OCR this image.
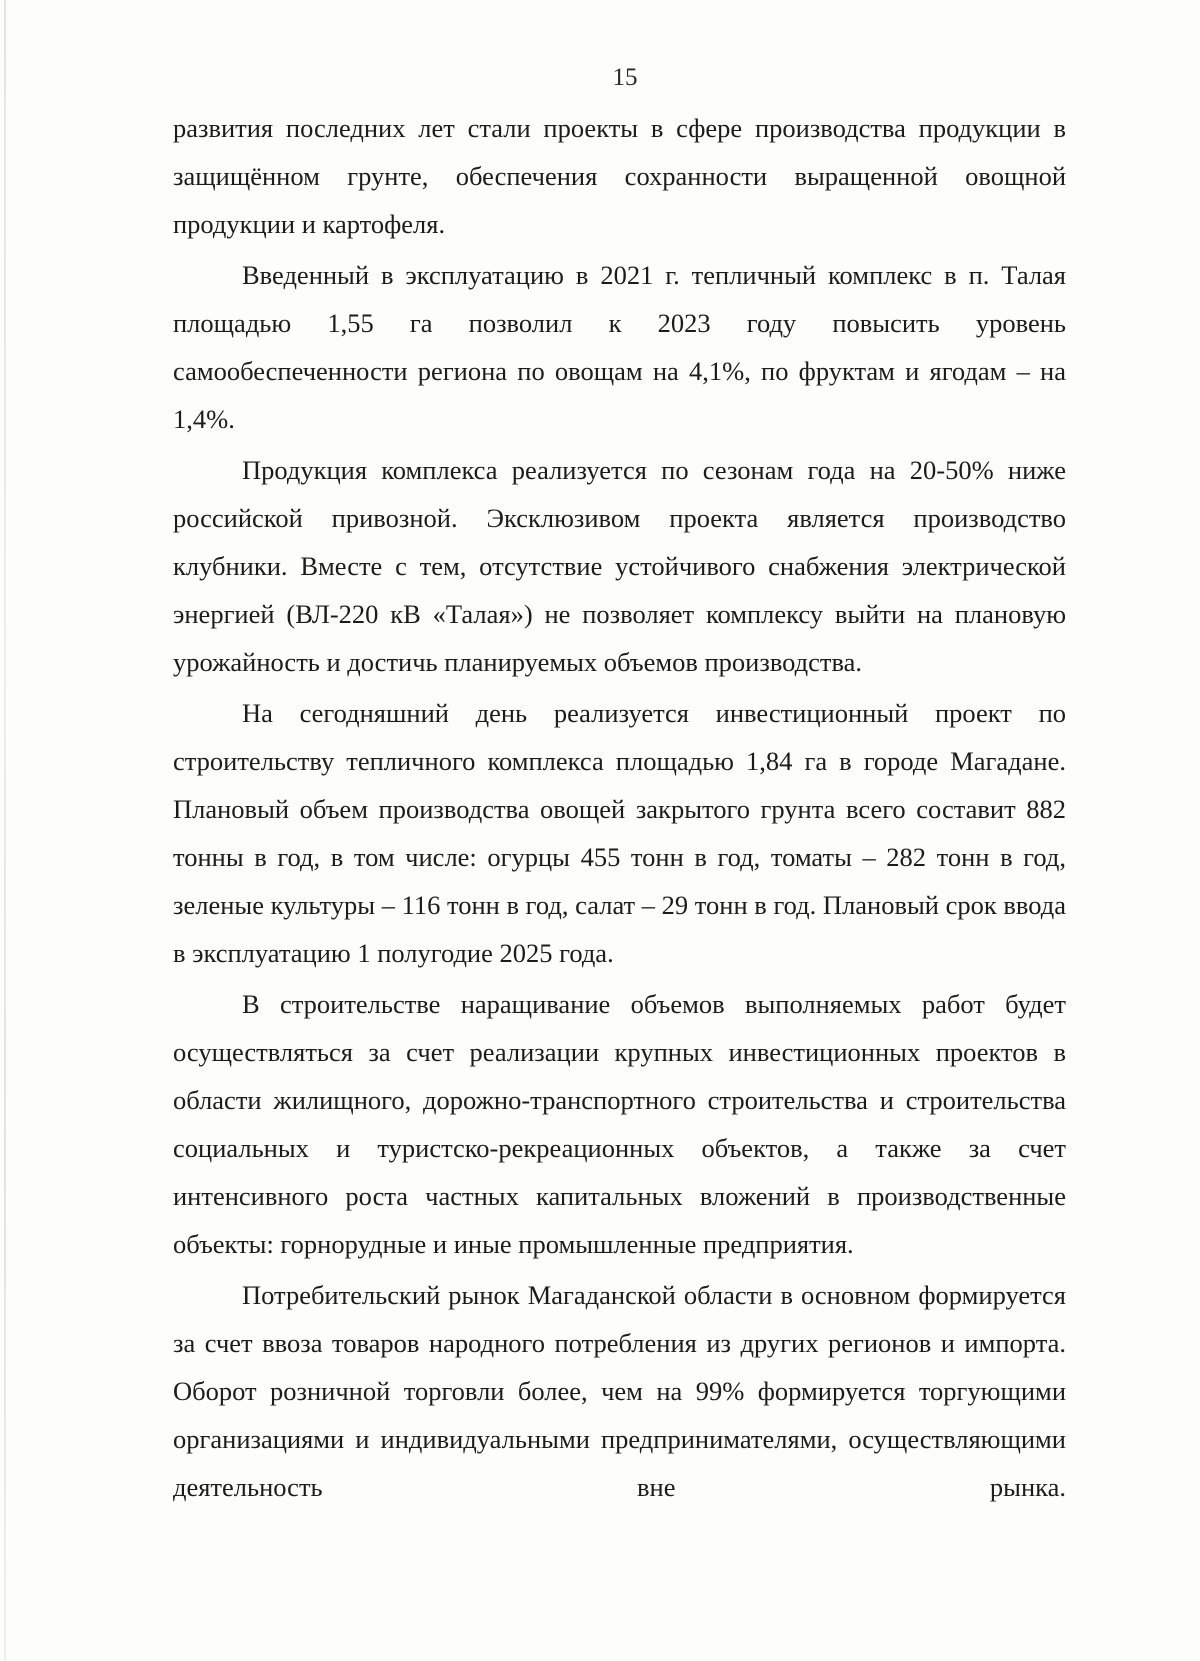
15

развития последних лет стали проекты в сфере производства продукции в защищённом грунте, обеспечения сохранности выращенной овощной продукции и картофеля.

Введенный в эксплуатацию в 2021 г. тепличный комплекс в п. Талая площадью 1,55 га позволил к 2023 году повысить уровень самообеспеченности региона по овощам на 4,1%, по фруктам и ягодам – на 1,4%.

Продукция комплекса реализуется по сезонам года на 20-50% ниже российской привозной. Эксклюзивом проекта является производство клубники. Вместе с тем, отсутствие устойчивого снабжения электрической энергией (ВЛ-220 кВ «Талая») не позволяет комплексу выйти на плановую урожайность и достичь планируемых объемов производства.

На сегодняшний день реализуется инвестиционный проект по строительству тепличного комплекса площадью 1,84 га в городе Магадане. Плановый объем производства овощей закрытого грунта всего составит 882 тонны в год, в том числе: огурцы 455 тонн в год, томаты – 282 тонн в год, зеленые культуры – 116 тонн в год, салат – 29 тонн в год. Плановый срок ввода в эксплуатацию 1 полугодие 2025 года.

В строительстве наращивание объемов выполняемых работ будет осуществляться за счет реализации крупных инвестиционных проектов в области жилищного, дорожно-транспортного строительства и строительства социальных и туристско-рекреационных объектов, а также за счет интенсивного роста частных капитальных вложений в производственные объекты: горнорудные и иные промышленные предприятия.

Потребительский рынок Магаданской области в основном формируется за счет ввоза товаров народного потребления из других регионов и импорта. Оборот розничной торговли более, чем на 99% формируется торгующими организациями и индивидуальными предпринимателями, осуществляющими деятельность вне рынка.
